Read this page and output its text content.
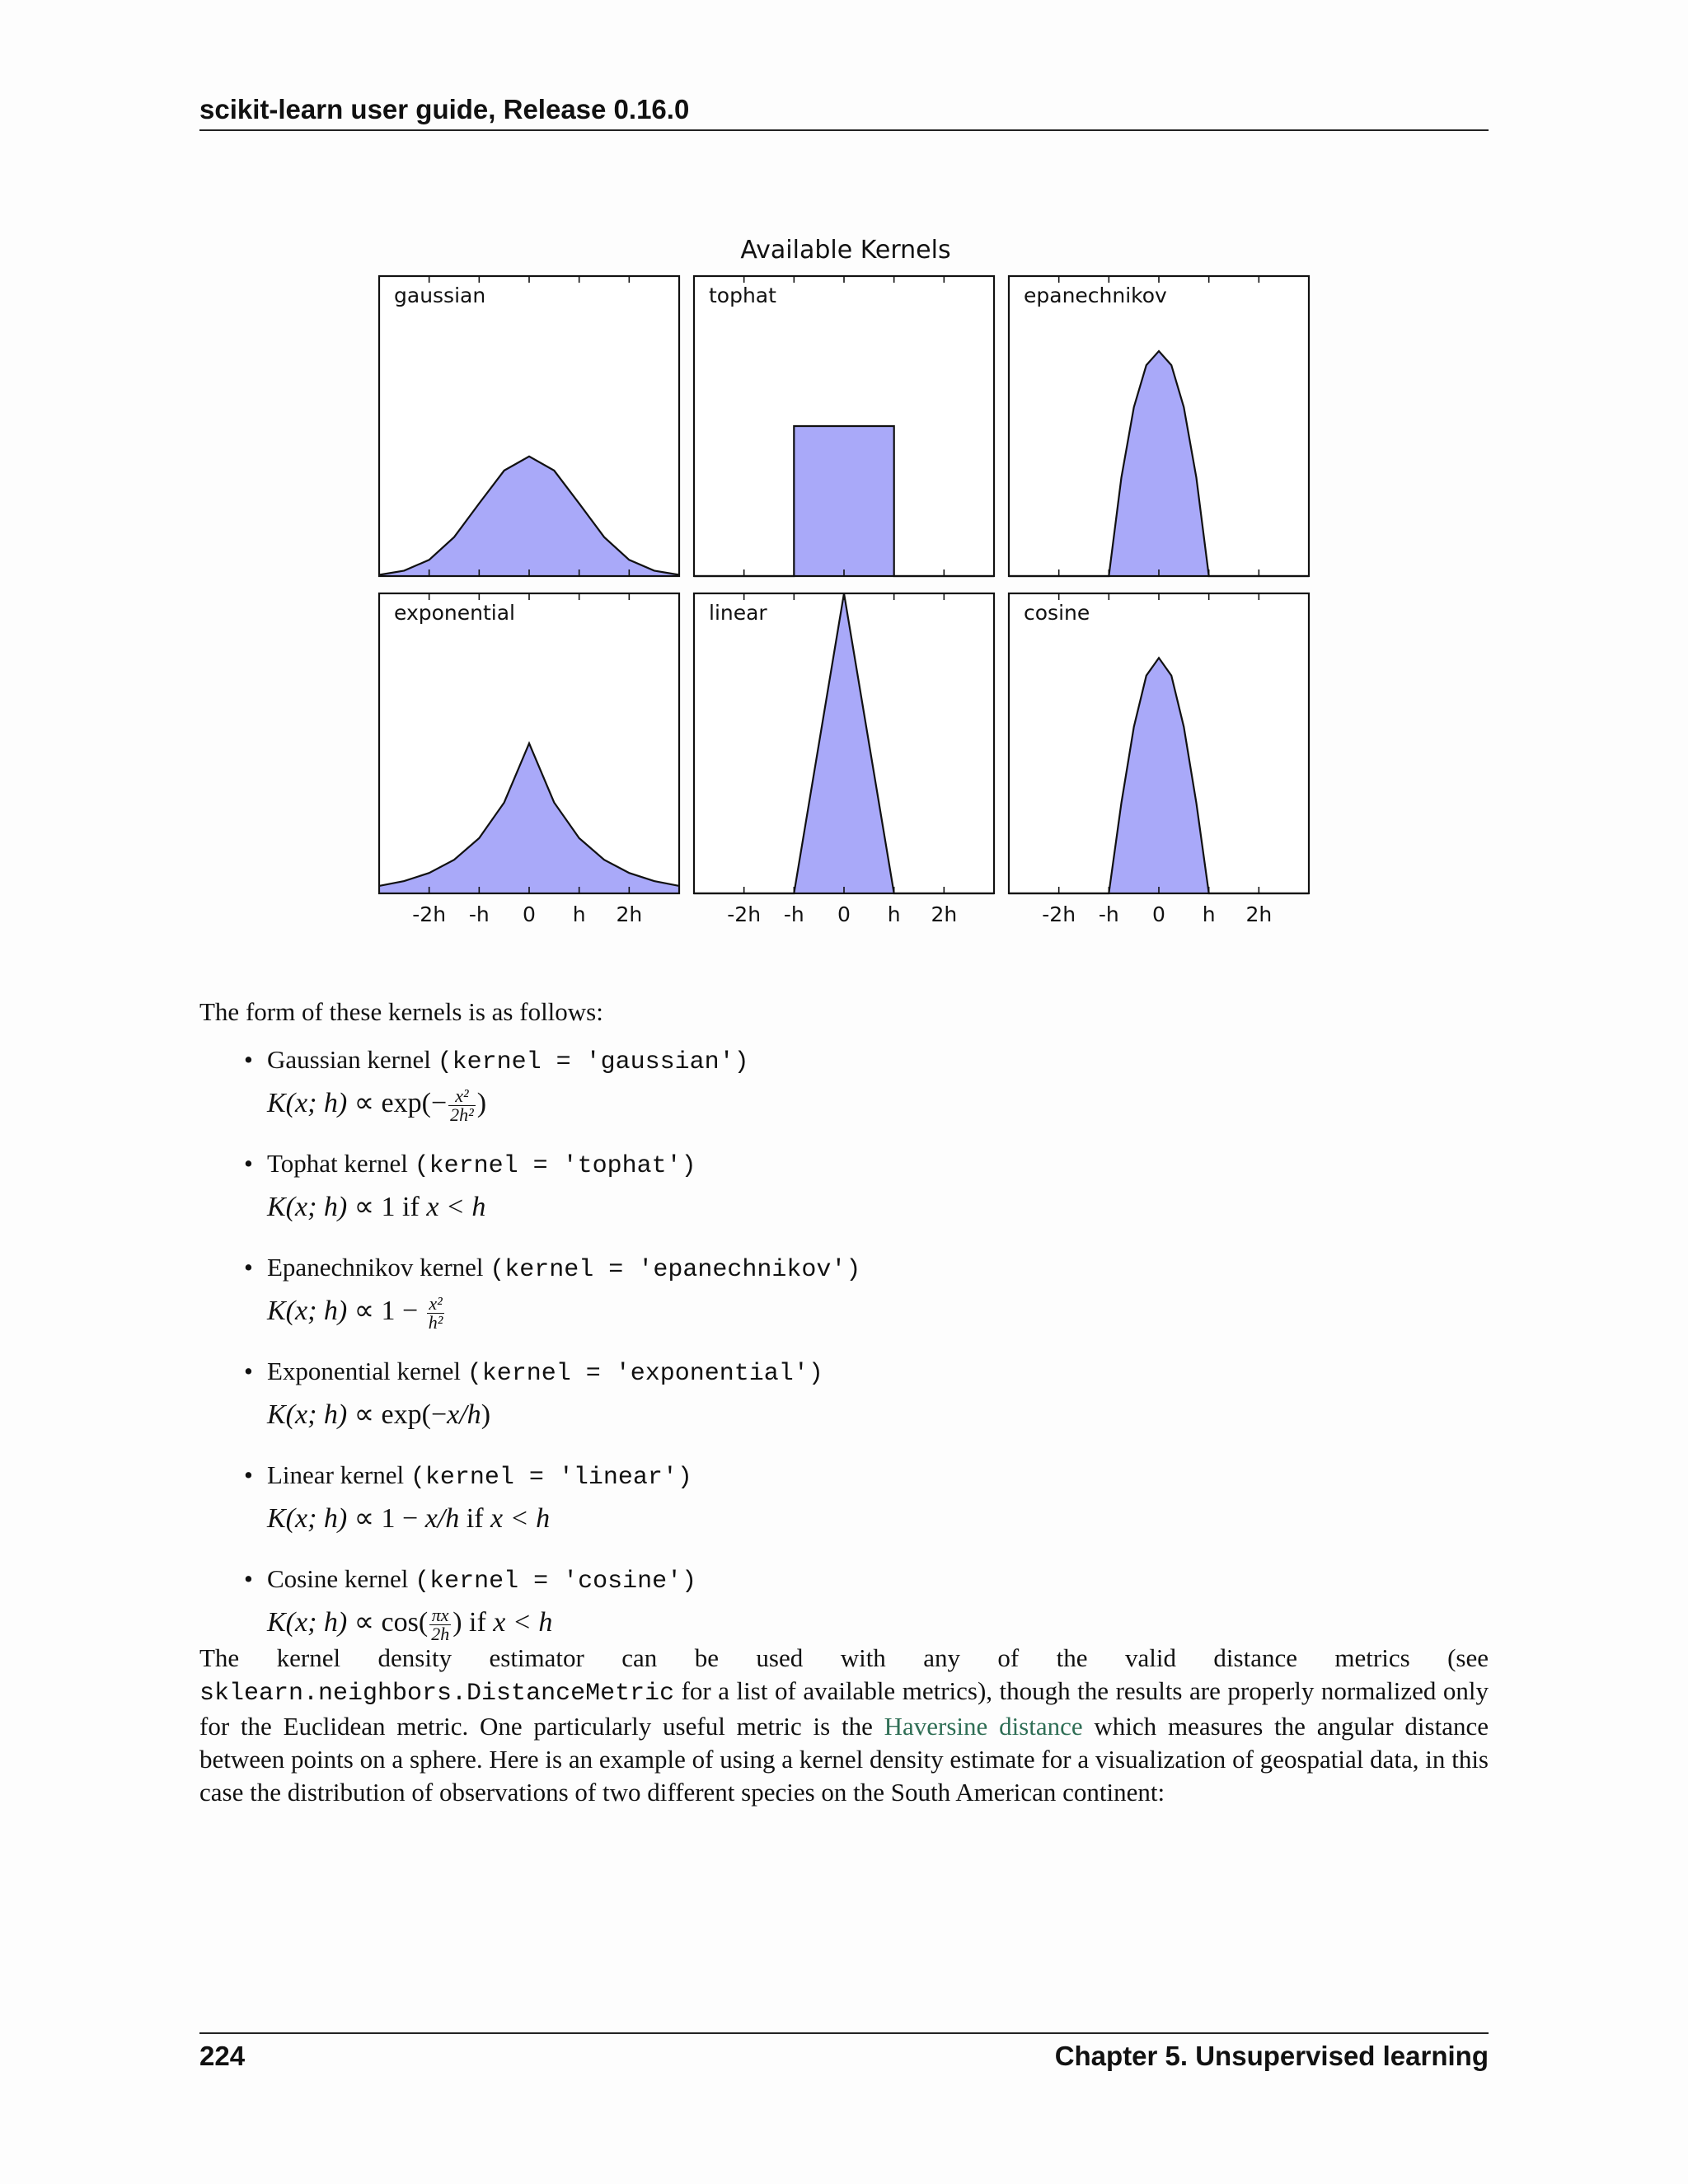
scikit-learn user guide, Release 0.16.0
Available Kernels
gaussian	tophat	epanechnikov
exponential
-2h -h 0 h 2h
linear
-2h -h 0 h 2h
cosine
-2h -h 0 h 2h
The form of these kernels is as follows:
• Gaussian kernel (kernel = 'gaussian')
K(x; $h) \propto \exp(- \frac{\text{x²}}{\text{2h²}}$ )
• Tophat kernel (kernel = 'tophat')
K(x; h) ∝ 1 if x < h
• Epanechnikov kernel (kernel = 'epanechnikov')
K(x; $h) \propto 1 - \frac{\text{x²}}{\text{h²}}$
• Exponential kernel (kernel = 'exponential')
K(x; h) ∝ exp(−x/h)
• Linear kernel (kernel = 'linear')
K(x; h) ∝ 1 − x/h if x < h
• Cosine kernel (kernel = 'cosine')
K(x; $h) \propto \cos( \frac{\pi x}{2h}$ ) if x < h
The kernel density estimator can be used with any of the valid distance metrics (see sklearn.neighbors.DistanceMetric for a list of available metrics), though the results are properly normalized only for the Euclidean metric. One particularly useful metric is the Haversine distance which measures the angular distance between points on a sphere. Here is an example of using a kernel density estimate for a visualization of geospatial data, in this case the distribution of observations of two different species on the South American continent:
224	Chapter 5. Unsupervised learning
